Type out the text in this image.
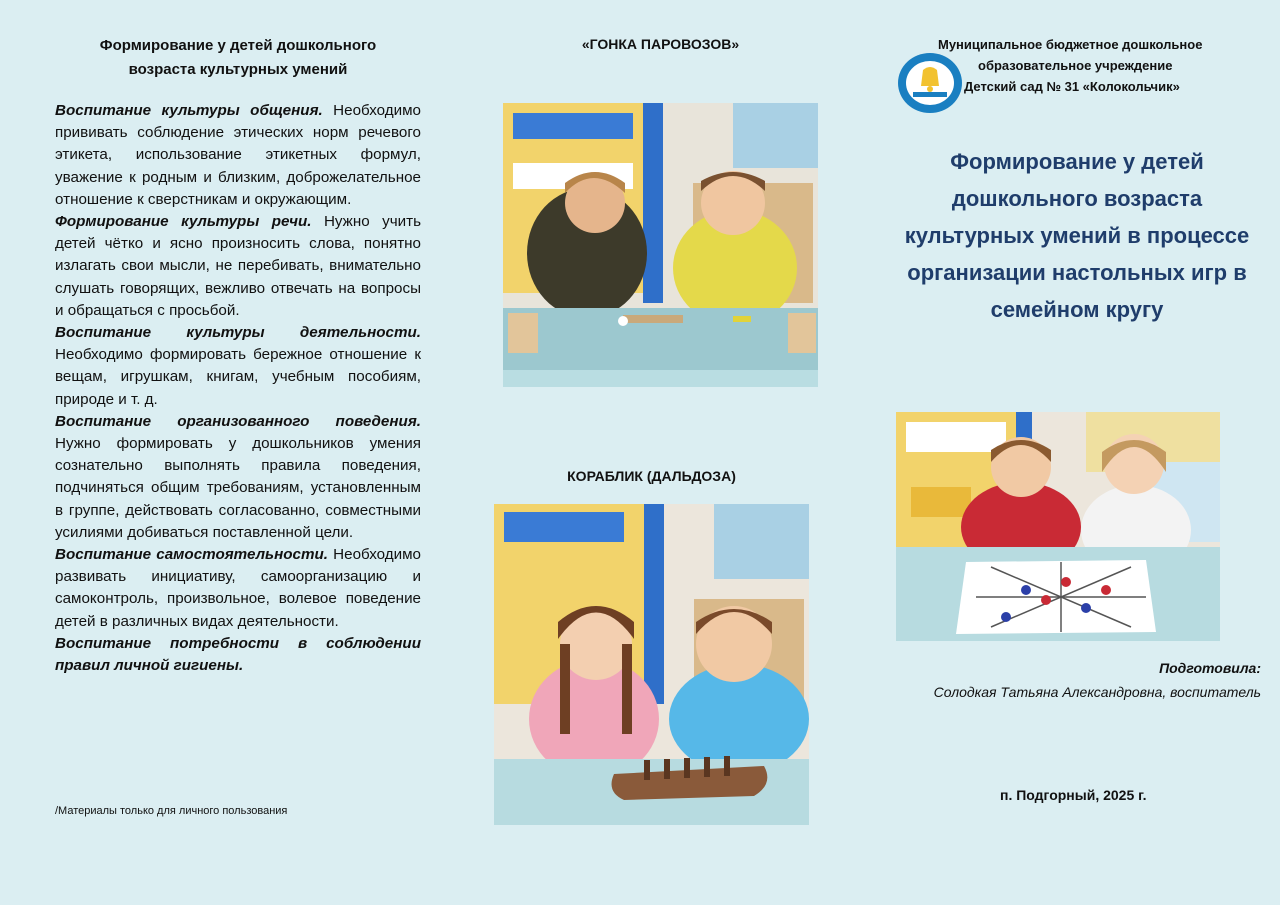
Формирование у детей дошкольного
возраста культурных умений

Воспитание культуры общения. Необходимо прививать соблюдение этических норм речевого этикета, использование этикетных формул, уважение к родным и близким, доброжелательное отношение к сверстникам и окружающим.

Формирование культуры речи. Нужно учить детей чётко и ясно произносить слова, понятно излагать свои мысли, не перебивать, внимательно слушать говорящих, вежливо отвечать на вопросы и обращаться с просьбой.

Воспитание культуры деятельности. Необходимо формировать бережное отношение к вещам, игрушкам, книгам, учебным пособиям, природе и т. д.

Воспитание организованного поведения. Нужно формировать у дошкольников умения сознательно выполнять правила поведения, подчиняться общим требованиям, установленным в группе, действовать согласованно, совместными усилиями добиваться поставленной цели.

Воспитание самостоятельности. Необходимо развивать инициативу, самоорганизацию и самоконтроль, произвольное, волевое поведение детей в различных видах деятельности.

Воспитание потребности в соблюдении правил личной гигиены.

/Материалы только для личного пользования
«ГОНКА ПАРОВОЗОВ»
КОРАБЛИК (ДАЛЬДОЗА)
Муниципальное бюджетное дошкольное
образовательное учреждение
Детский сад № 31 «Колокольчик»
Формирование у детей дошкольного возраста культурных умений в процессе организации настольных игр в семейном кругу
Подготовила:
Солодкая Татьяна Александровна, воспитатель
п. Подгорный, 2025 г.
